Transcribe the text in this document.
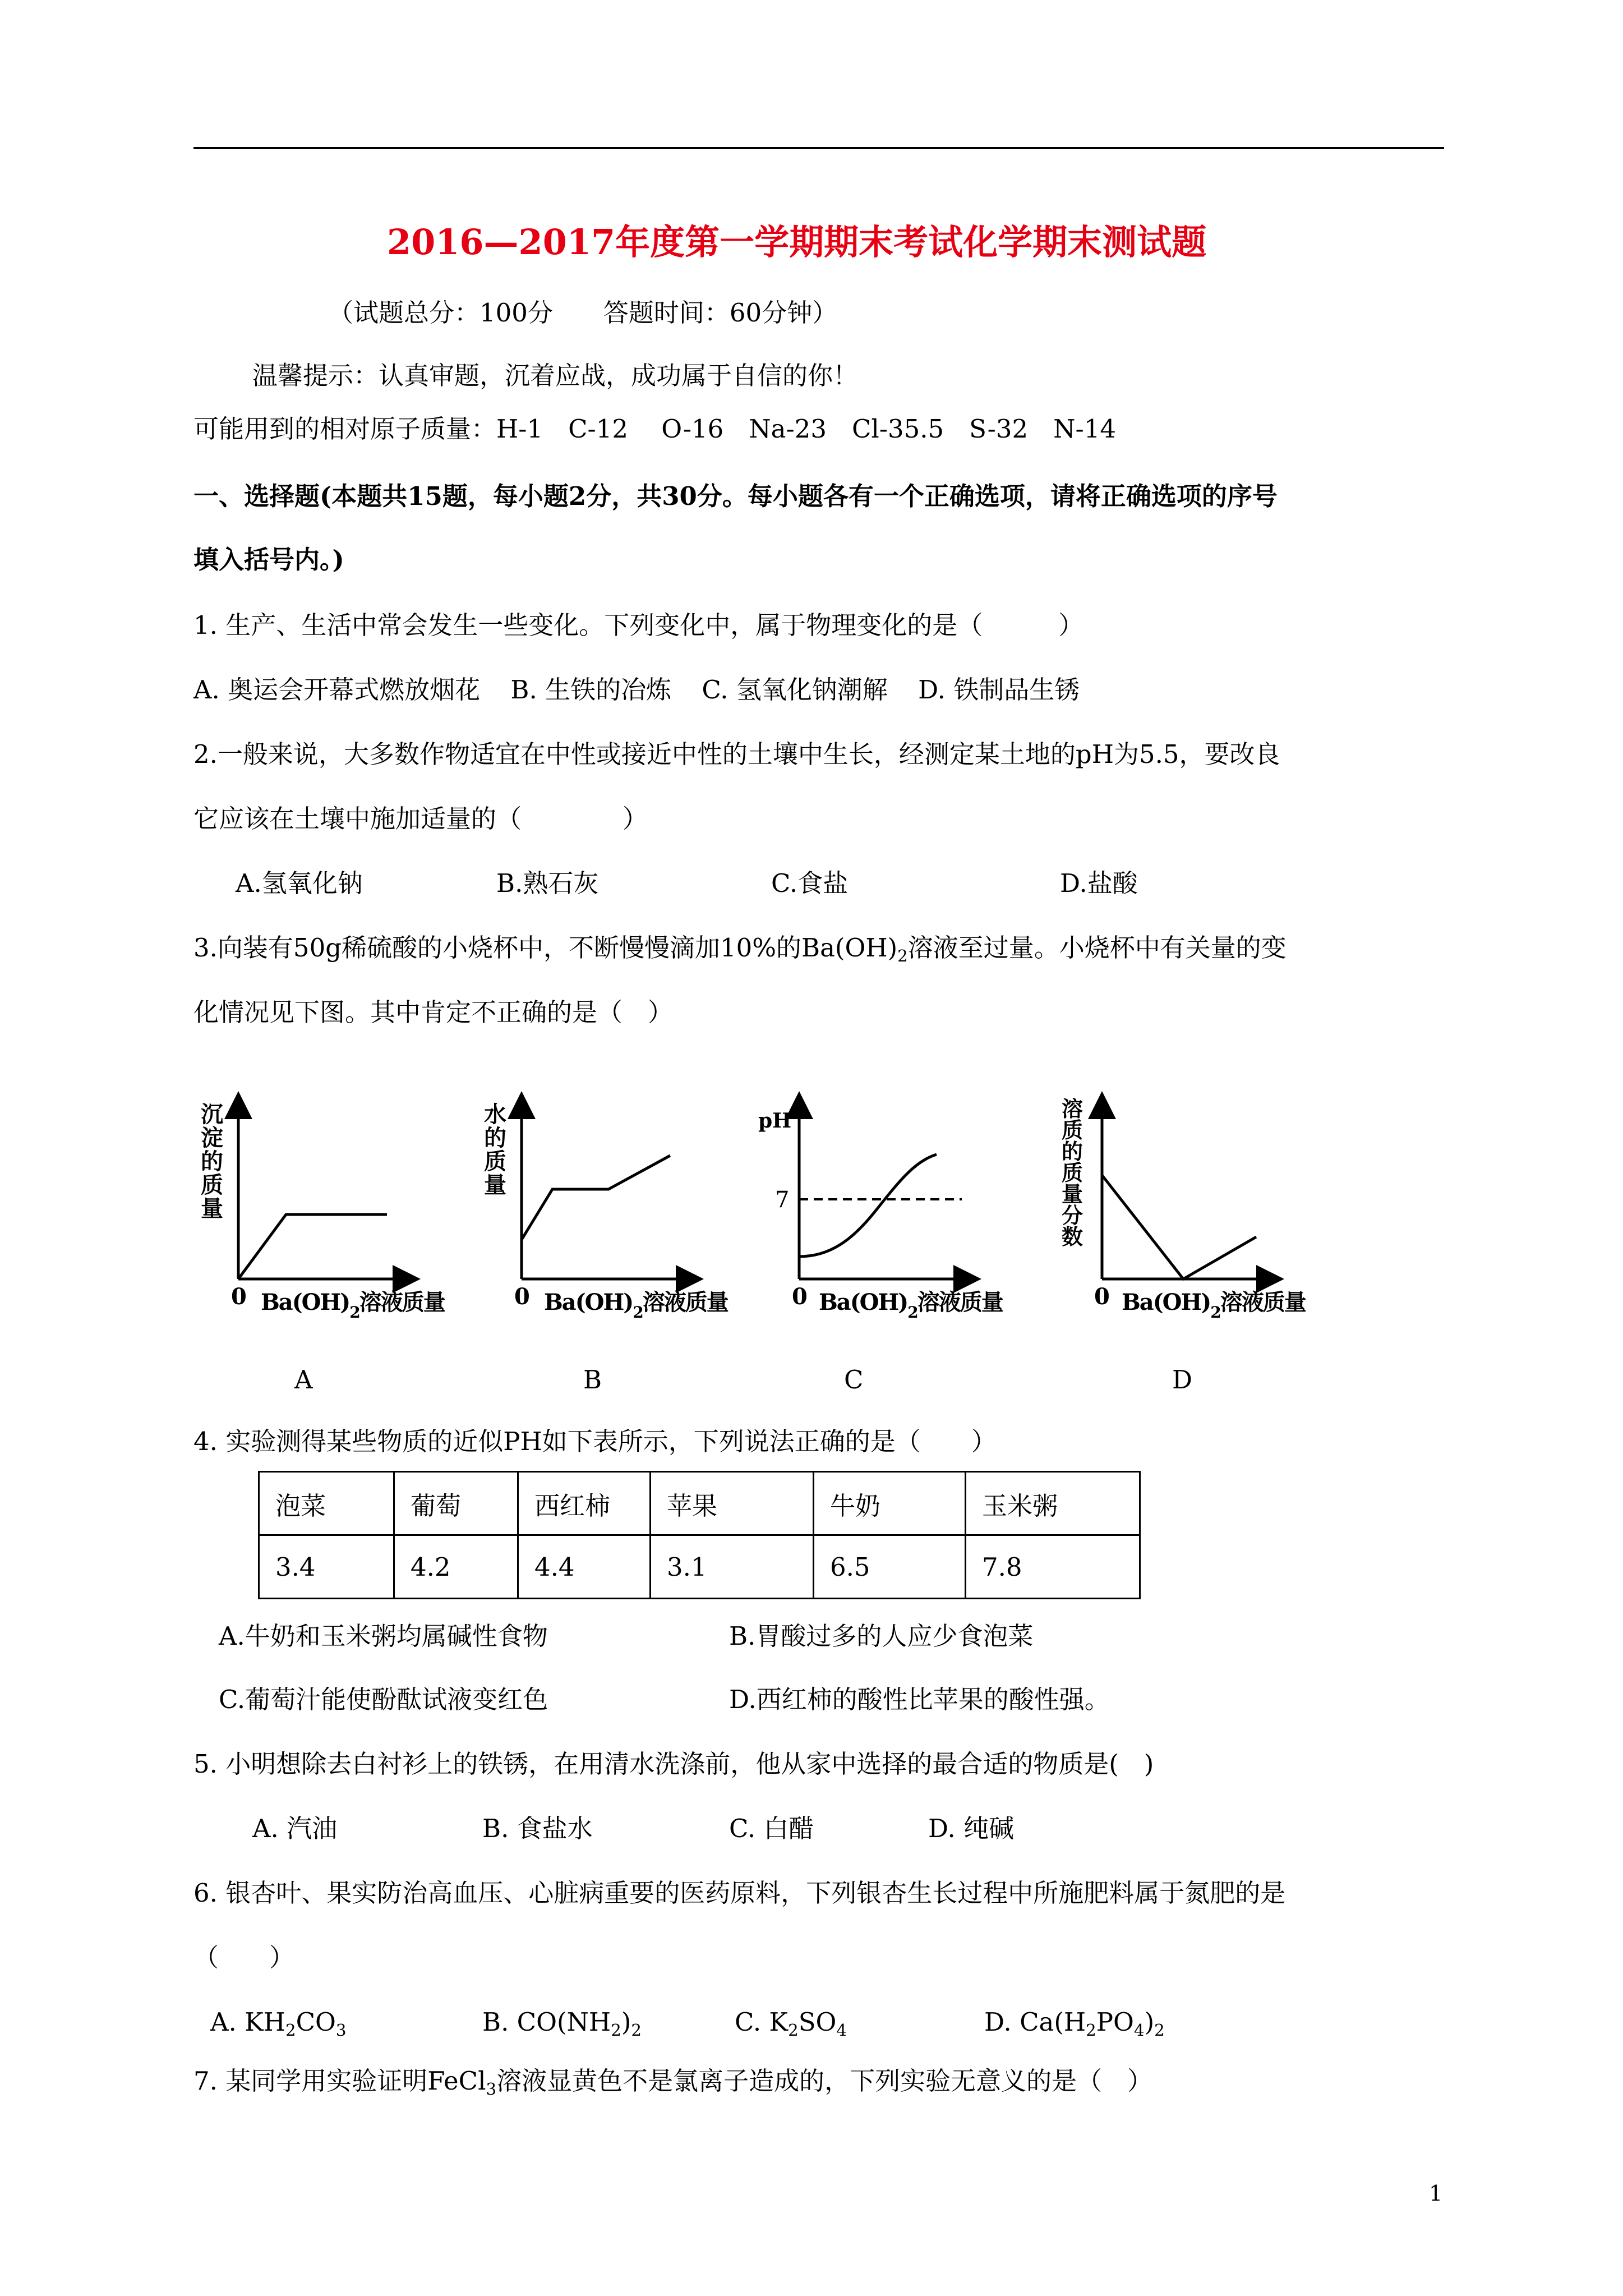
2016—2017年度第一学期期末考试化学期末测试题
（试题总分：100分　　答题时间：60分钟）
温馨提示：认真审题，沉着应战，成功属于自信的你！
可能用到的相对原子质量：H-1　C-12　 O-16　Na-23　Cl-35.5　S-32　N-14
一、选择题(本题共15题，每小题2分，共30分。每小题各有一个正确选项，请将正确选项的序号
填入括号内。)
1. 生产、生活中常会发生一些变化。下列变化中，属于物理变化的是（　　　）
A. 奥运会开幕式燃放烟花 B. 生铁的冶炼 C. 氢氧化钠潮解 D. 铁制品生锈
2.一般来说，大多数作物适宜在中性或接近中性的土壤中生长，经测定某土地的pH为5.5，要改良
它应该在土壤中施加适量的（　　　　）
A.氢氧化钠	B.熟石灰	C.食盐	D.盐酸
3.向装有50g稀硫酸的小烧杯中，不断慢慢滴加10%的$Ba(OH)_2$溶液至过量。小烧杯中有关量的变
化情况见下图。其中肯定不正确的是（　）
沉
淀
的
质
量
0 $Ba(OH)_2$溶液质量
A
水
的
质
量
0 $Ba(OH)_2$溶液质量
B
pH
7
0 $Ba(OH)_2$溶液质量
C
溶
质
的
质
量
分
数
0 $Ba(OH)_2$溶液质量
D
4. 实验测得某些物质的近似PH如下表所示，下列说法正确的是（　　）
泡菜	葡萄	西红柿	苹果	牛奶	玉米粥
3.4	4.2	4.4	3.1	6.5	7.8
A.牛奶和玉米粥均属碱性食物	B.胃酸过多的人应少食泡菜
C.葡萄汁能使酚酞试液变红色	D.西红柿的酸性比苹果的酸性强。
5. 小明想除去白衬衫上的铁锈，在用清水洗涤前，他从家中选择的最合适的物质是(　)
A. 汽油	B. 食盐水	C. 白醋	D. 纯碱
6. 银杏叶、果实防治高血压、心脏病重要的医药原料，下列银杏生长过程中所施肥料属于氮肥的是
（　　）
A. $KH_2CO_3$	B. $CO(NH_2)_2$	C. $K_2SO_4$	D. $Ca(H_2PO_4)_2$
7. 某同学用实验证明FeCl$_3$溶液显黄色不是氯离子造成的，下列实验无意义的是（　）
1
